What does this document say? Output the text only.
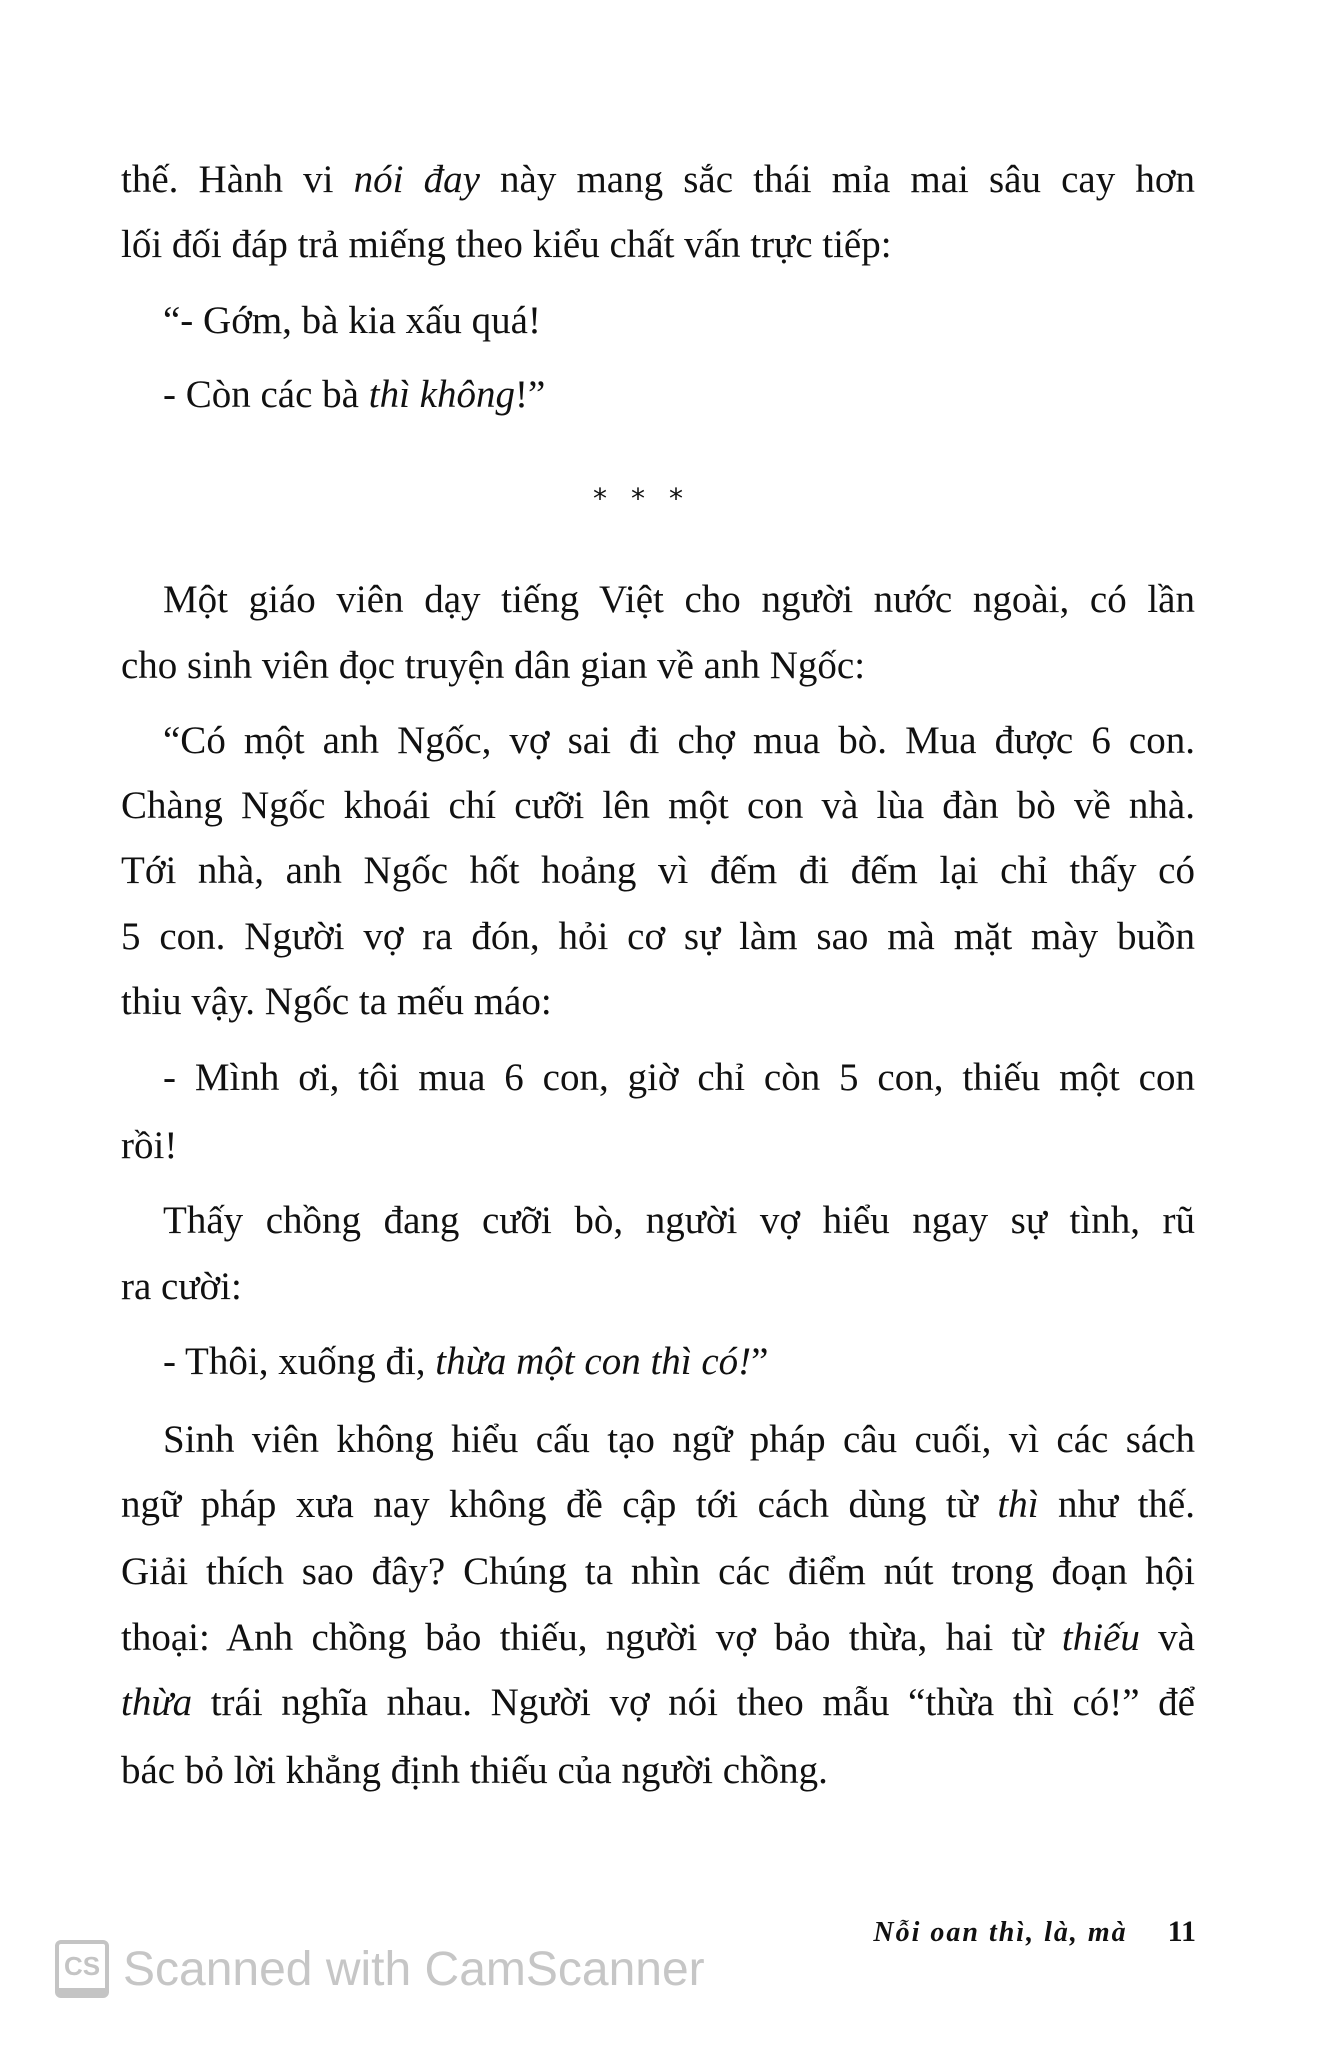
thế. Hành vi nói đay này mang sắc thái mỉa mai sâu cay hơn
lối đối đáp trả miếng theo kiểu chất vấn trực tiếp:
“- Gớm, bà kia xấu quá!
- Còn các bà thì không!”
Một giáo viên dạy tiếng Việt cho người nước ngoài, có lần
cho sinh viên đọc truyện dân gian về anh Ngốc:
“Có một anh Ngốc, vợ sai đi chợ mua bò. Mua được 6 con.
Chàng Ngốc khoái chí cưỡi lên một con và lùa đàn bò về nhà.
Tới nhà, anh Ngốc hốt hoảng vì đếm đi đếm lại chỉ thấy có
5 con. Người vợ ra đón, hỏi cơ sự làm sao mà mặt mày buồn
thiu vậy. Ngốc ta mếu máo:
- Mình ơi, tôi mua 6 con, giờ chỉ còn 5 con, thiếu một con
rồi!
Thấy chồng đang cưỡi bò, người vợ hiểu ngay sự tình, rũ
ra cười:
- Thôi, xuống đi, thừa một con thì có!”
Sinh viên không hiểu cấu tạo ngữ pháp câu cuối, vì các sách
ngữ pháp xưa nay không đề cập tới cách dùng từ thì như thế.
Giải thích sao đây? Chúng ta nhìn các điểm nút trong đoạn hội
thoại: Anh chồng bảo thiếu, người vợ bảo thừa, hai từ thiếu và
thừa trái nghĩa nhau. Người vợ nói theo mẫu “thừa thì có!” để
bác bỏ lời khẳng định thiếu của người chồng.
***
Nỗi oan thì, là, mà 11
CS Scanned with CamScanner
